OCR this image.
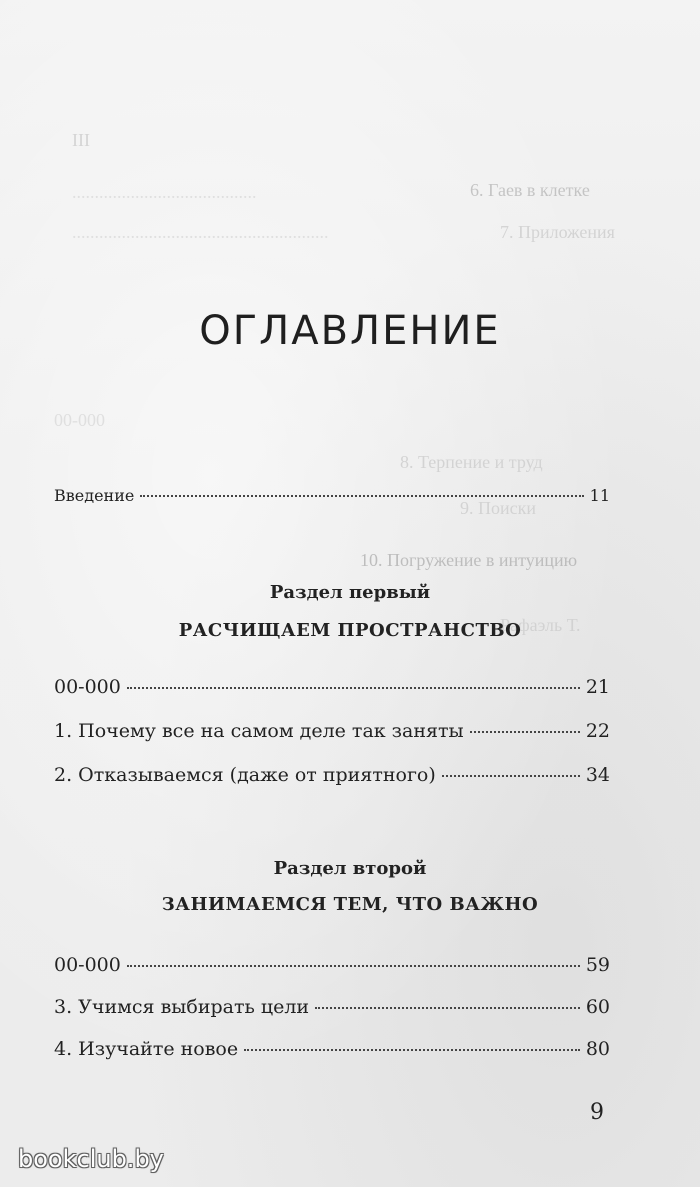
III
6. Гаев в клетке
.........................................
7. Приложения
.........................................................
00-000
8. Терпение и труд
9. Поиски
10. Погружение в интуицию
Рафаэль Т.
ОГЛАВЛЕНИЕ
Введение	11
Раздел первый
РАСЧИЩАЕМ ПРОСТРАНСТВО
00-000	21
1. Почему все на самом деле так заняты	22
2. Отказываемся (даже от приятного)	34
Раздел второй
ЗАНИМАЕМСЯ ТЕМ, ЧТО ВАЖНО
00-000	59
3. Учимся выбирать цели	60
4. Изучайте новое	80
9
bookclub.by
